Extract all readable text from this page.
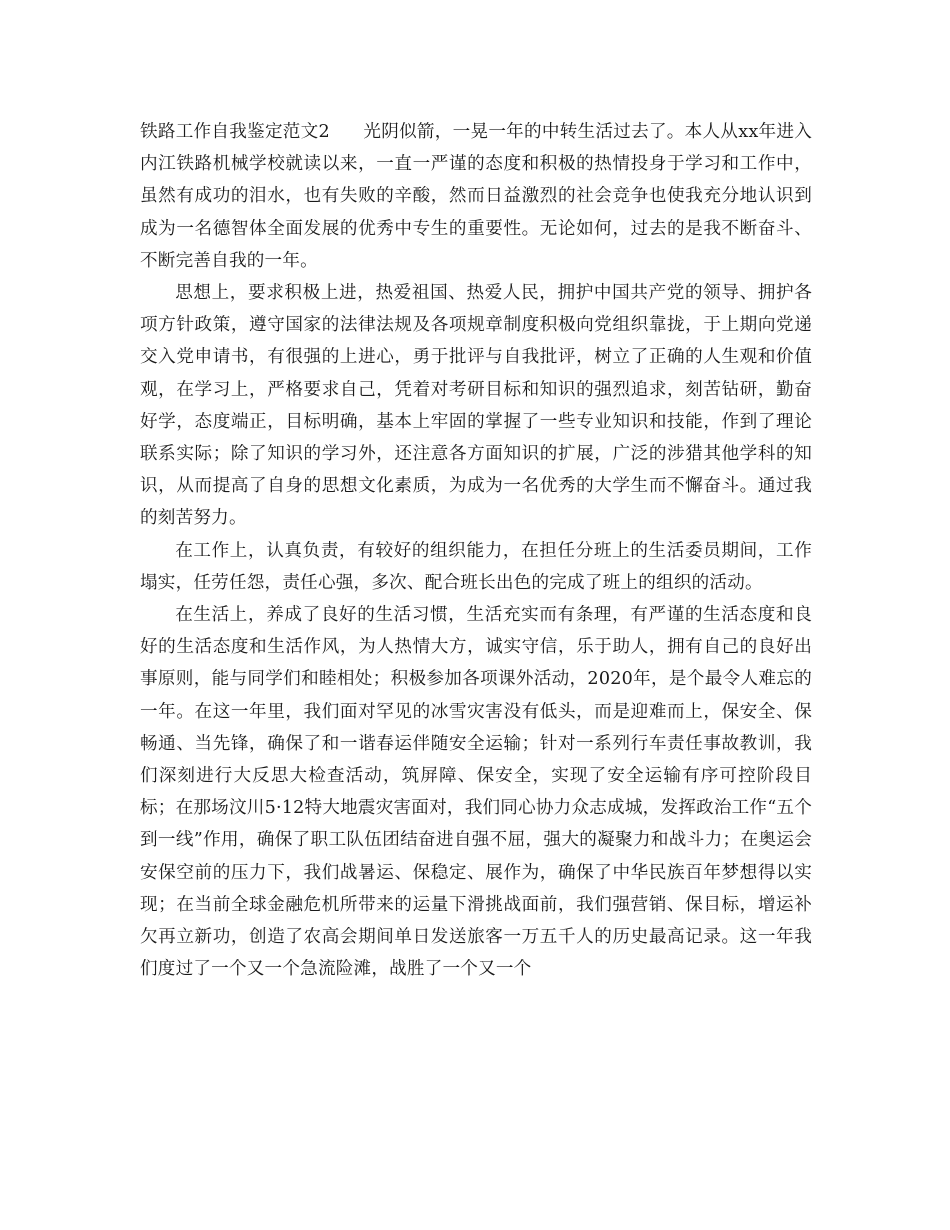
铁路工作自我鉴定范文2 光阴似箭，一晃一年的中转生活过去了。本人从xx年进入内江铁路机械学校就读以来，一直一严谨的态度和积极的热情投身于学习和工作中，虽然有成功的泪水，也有失败的辛酸，然而日益激烈的社会竞争也使我充分地认识到成为一名德智体全面发展的优秀中专生的重要性。无论如何，过去的是我不断奋斗、不断完善自我的一年。

思想上，要求积极上进，热爱祖国、热爱人民，拥护中国共产党的领导、拥护各项方针政策，遵守国家的法律法规及各项规章制度积极向党组织靠拢，于上期向党递交入党申请书，有很强的上进心，勇于批评与自我批评，树立了正确的人生观和价值观，在学习上，严格要求自己，凭着对考研目标和知识的强烈追求，刻苦钻研，勤奋好学，态度端正，目标明确，基本上牢固的掌握了一些专业知识和技能，作到了理论联系实际；除了知识的学习外，还注意各方面知识的扩展，广泛的涉猎其他学科的知识，从而提高了自身的思想文化素质，为成为一名优秀的大学生而不懈奋斗。通过我的刻苦努力。

在工作上，认真负责，有较好的组织能力，在担任分班上的生活委员期间，工作塌实，任劳任怨，责任心强，多次、配合班长出色的完成了班上的组织的活动。

在生活上，养成了良好的生活习惯，生活充实而有条理，有严谨的生活态度和良好的生活态度和生活作风，为人热情大方，诚实守信，乐于助人，拥有自己的良好出事原则，能与同学们和睦相处；积极参加各项课外活动，2020年，是个最令人难忘的一年。在这一年里，我们面对罕见的冰雪灾害没有低头，而是迎难而上，保安全、保畅通、当先锋，确保了和一谐春运伴随安全运输；针对一系列行车责任事故教训，我们深刻进行大反思大检查活动，筑屏障、保安全，实现了安全运输有序可控阶段目标；在那场汶川5·12特大地震灾害面对，我们同心协力众志成城，发挥政治工作“五个到一线”作用，确保了职工队伍团结奋进自强不屈，强大的凝聚力和战斗力；在奥运会安保空前的压力下，我们战暑运、保稳定、展作为，确保了中华民族百年梦想得以实现；在当前全球金融危机所带来的运量下滑挑战面前，我们强营销、保目标，增运补欠再立新功，创造了农高会期间单日发送旅客一万五千人的历史最高记录。这一年我们度过了一个又一个急流险滩，战胜了一个又一个
